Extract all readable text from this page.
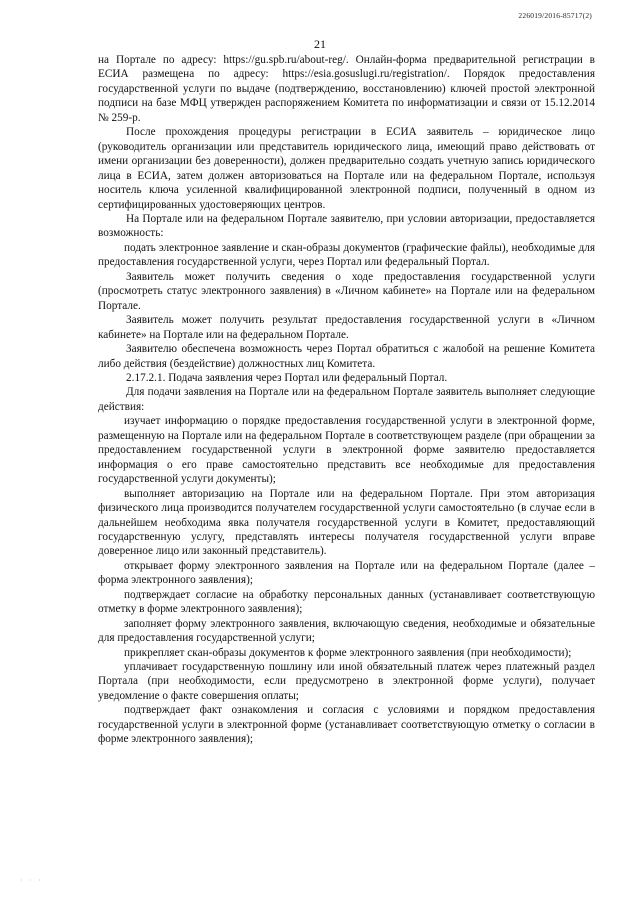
226019/2016-85717(2)
21

на Портале по адресу: https://gu.spb.ru/about-reg/. Онлайн-форма предварительной регистрации в ЕСИА размещена по адресу: https://esia.gosuslugi.ru/registration/. Порядок предоставления государственной услуги по выдаче (подтверждению, восстановлению) ключей простой электронной подписи на базе МФЦ утвержден распоряжением Комитета по информатизации и связи от 15.12.2014 № 259-р.

После прохождения процедуры регистрации в ЕСИА заявитель – юридическое лицо (руководитель организации или представитель юридического лица, имеющий право действовать от имени организации без доверенности), должен предварительно создать учетную запись юридического лица в ЕСИА, затем должен авторизоваться на Портале или на федеральном Портале, используя носитель ключа усиленной квалифицированной электронной подписи, полученный в одном из сертифицированных удостоверяющих центров.

На Портале или на федеральном Портале заявителю, при условии авторизации, предоставляется возможность:

подать электронное заявление и скан-образы документов (графические файлы), необходимые для предоставления государственной услуги, через Портал или федеральный Портал.

Заявитель может получить сведения о ходе предоставления государственной услуги (просмотреть статус электронного заявления) в «Личном кабинете» на Портале или на федеральном Портале.

Заявитель может получить результат предоставления государственной услуги в «Личном кабинете» на Портале или на федеральном Портале.

Заявителю обеспечена возможность через Портал обратиться с жалобой на решение Комитета либо действия (бездействие) должностных лиц Комитета.

2.17.2.1. Подача заявления через Портал или федеральный Портал.

Для подачи заявления на Портале или на федеральном Портале заявитель выполняет следующие действия:

изучает информацию о порядке предоставления государственной услуги в электронной форме, размещенную на Портале или на федеральном Портале в соответствующем разделе (при обращении за предоставлением государственной услуги в электронной форме заявителю предоставляется информация о его праве самостоятельно представить все необходимые для предоставления государственной услуги документы);

выполняет авторизацию на Портале или на федеральном Портале. При этом авторизация физического лица производится получателем государственной услуги самостоятельно (в случае если в дальнейшем необходима явка получателя государственной услуги в Комитет, предоставляющий государственную услугу, представлять интересы получателя государственной услуги вправе доверенное лицо или законный представитель).

открывает форму электронного заявления на Портале или на федеральном Портале (далее – форма электронного заявления);

подтверждает согласие на обработку персональных данных (устанавливает соответствующую отметку в форме электронного заявления);

заполняет форму электронного заявления, включающую сведения, необходимые и обязательные для предоставления государственной услуги;

прикрепляет скан-образы документов к форме электронного заявления (при необходимости);

уплачивает государственную пошлину или иной обязательный платеж через платежный раздел Портала (при необходимости, если предусмотрено в электронной форме услуги), получает уведомление о факте совершения оплаты;

подтверждает факт ознакомления и согласия с условиями и порядком предоставления государственной услуги в электронной форме (устанавливает соответствующую отметку о согласии в форме электронного заявления);

· · ·
